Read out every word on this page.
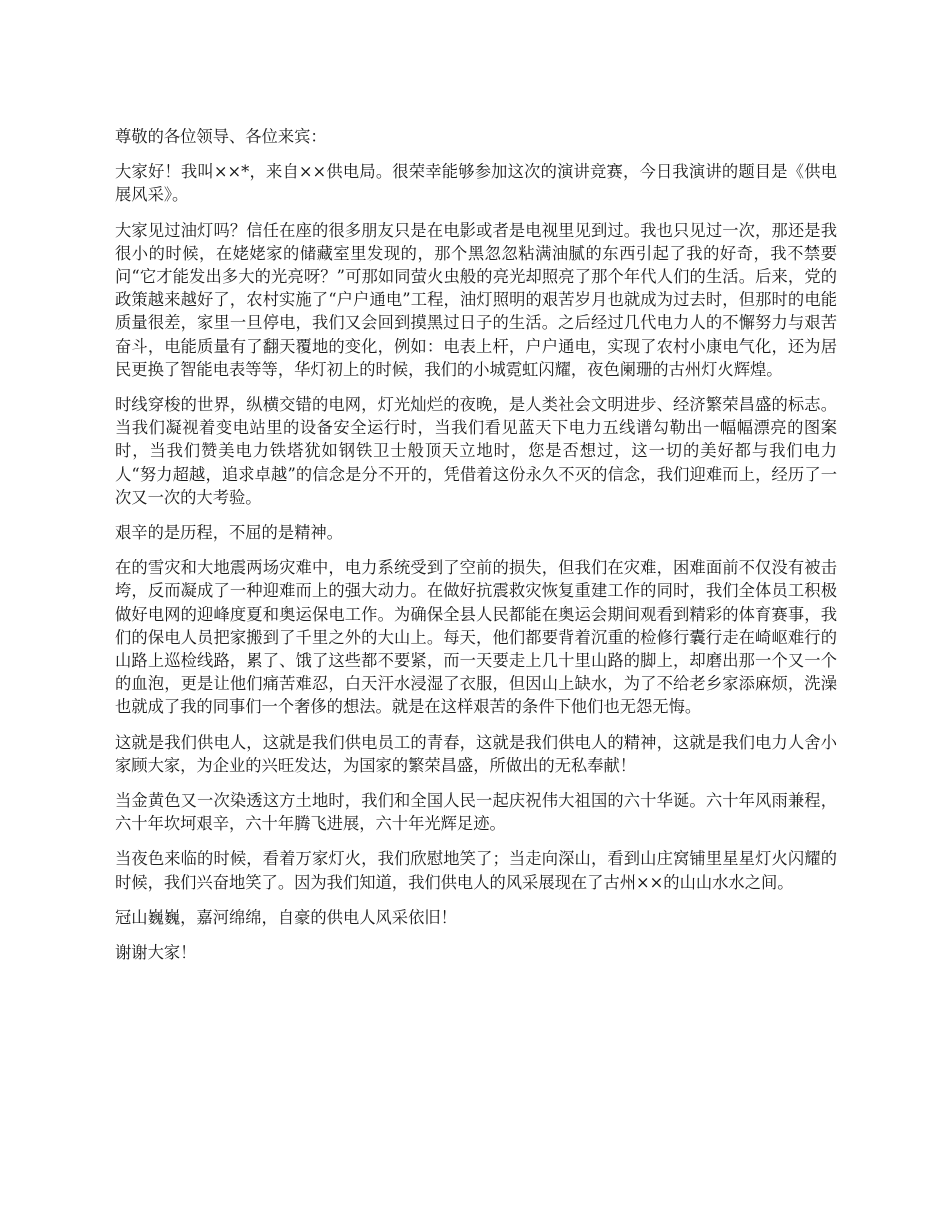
尊敬的各位领导、各位来宾：

大家好！我叫××*，来自××供电局。很荣幸能够参加这次的演讲竞赛，今日我演讲的题目是《供电展风采》。

大家见过油灯吗？信任在座的很多朋友只是在电影或者是电视里见到过。我也只见过一次，那还是我很小的时候，在姥姥家的储藏室里发现的，那个黑忽忽粘满油腻的东西引起了我的好奇，我不禁要问“它才能发出多大的光亮呀？”可那如同萤火虫般的亮光却照亮了那个年代人们的生活。后来，党的政策越来越好了，农村实施了“户户通电”工程，油灯照明的艰苦岁月也就成为过去时，但那时的电能质量很差，家里一旦停电，我们又会回到摸黑过日子的生活。之后经过几代电力人的不懈努力与艰苦奋斗，电能质量有了翻天覆地的变化，例如：电表上杆，户户通电，实现了农村小康电气化，还为居民更换了智能电表等等，华灯初上的时候，我们的小城霓虹闪耀，夜色阑珊的古州灯火辉煌。

时线穿梭的世界，纵横交错的电网，灯光灿烂的夜晚，是人类社会文明进步、经济繁荣昌盛的标志。当我们凝视着变电站里的设备安全运行时，当我们看见蓝天下电力五线谱勾勒出一幅幅漂亮的图案时，当我们赞美电力铁塔犹如钢铁卫士般顶天立地时，您是否想过，这一切的美好都与我们电力人“努力超越，追求卓越”的信念是分不开的，凭借着这份永久不灭的信念，我们迎难而上，经历了一次又一次的大考验。

艰辛的是历程，不屈的是精神。

在的雪灾和大地震两场灾难中，电力系统受到了空前的损失，但我们在灾难，困难面前不仅没有被击垮，反而凝成了一种迎难而上的强大动力。在做好抗震救灾恢复重建工作的同时，我们全体员工积极做好电网的迎峰度夏和奥运保电工作。为确保全县人民都能在奥运会期间观看到精彩的体育赛事，我们的保电人员把家搬到了千里之外的大山上。每天，他们都要背着沉重的检修行囊行走在崎岖难行的山路上巡检线路，累了、饿了这些都不要紧，而一天要走上几十里山路的脚上，却磨出那一个又一个的血泡，更是让他们痛苦难忍，白天汗水浸湿了衣服，但因山上缺水，为了不给老乡家添麻烦，洗澡也就成了我的同事们一个奢侈的想法。就是在这样艰苦的条件下他们也无怨无悔。

这就是我们供电人，这就是我们供电员工的青春，这就是我们供电人的精神，这就是我们电力人舍小家顾大家，为企业的兴旺发达，为国家的繁荣昌盛，所做出的无私奉献！

当金黄色又一次染透这方土地时，我们和全国人民一起庆祝伟大祖国的六十华诞。六十年风雨兼程，六十年坎坷艰辛，六十年腾飞进展，六十年光辉足迹。

当夜色来临的时候，看着万家灯火，我们欣慰地笑了；当走向深山，看到山庄窝铺里星星灯火闪耀的时候，我们兴奋地笑了。因为我们知道，我们供电人的风采展现在了古州××的山山水水之间。

冠山巍巍，嘉河绵绵，自豪的供电人风采依旧！

谢谢大家！
